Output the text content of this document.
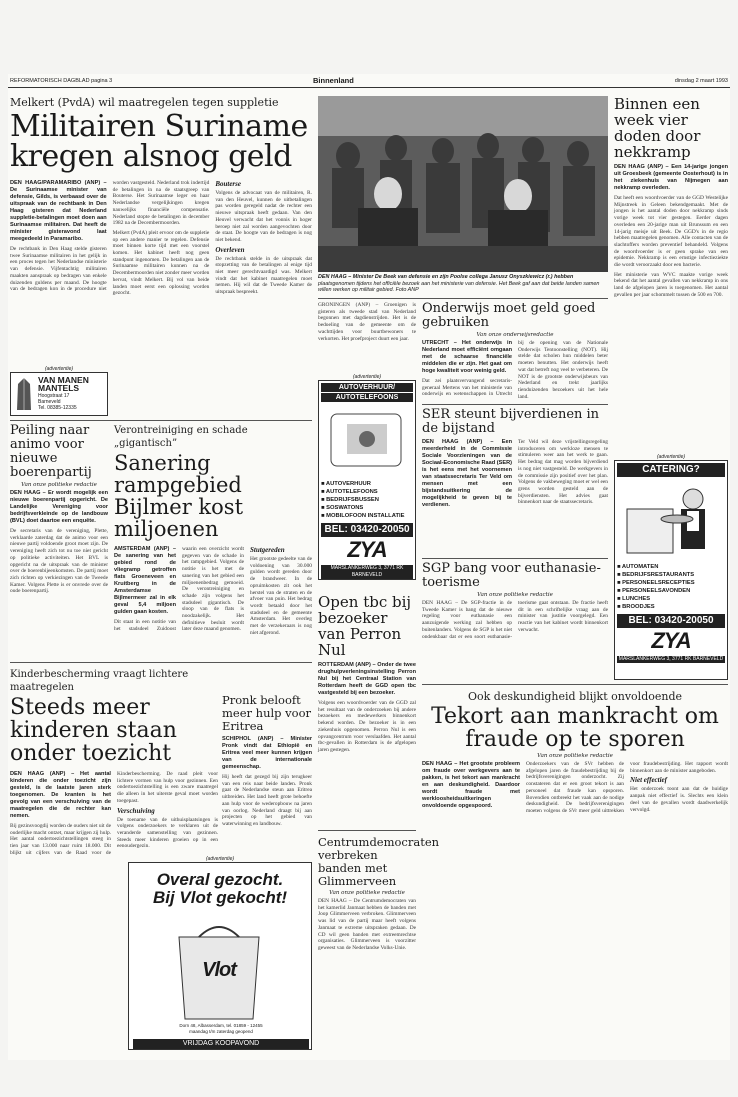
REFORMATORISCH DAGBLAD pagina 3	Binnenland	dinsdag 2 maart 1993
Melkert (PvdA) wil maatregelen tegen suppletie
Militairen Suriname kregen alsnog geld
DEN HAAG/PARAMARIBO (ANP) – De Surinaamse minister van defensie, Gilds, is verbaasd over de uitspraak van de rechtbank in Den Haag gisteren dat Nederland suppletie-betalingen moet doen aan Surinaamse militairen. Dat heeft de minister gisteravond laat meegedeeld in Paramaribo.
De rechtbank in Den Haag stelde gisteren twee Surinaamse militairen in het gelijk in een proces tegen het Nederlandse ministerie van defensie. Vijfentachtig militairen maakten aanspraak op bedragen van enkele duizenden guldens per maand. De hoogte van de bedragen kon in de procedure niet worden vastgesteld. Nederland trok indertijd de betalingen in na de staatsgreep van Bouterse. Het Surinaamse leger en haar Nederlandse vergelijkingen kregen nauwelijks financiële compensatie. Nederland stopte de betalingen in december 1982 na de Decembermoorden.
Melkert (PvdA) pleit ervoor om de suppletie op een andere manier te regelen. Defensie moet binnen korte tijd met een voorstel komen. Het kabinet heeft nog geen standpunt ingenomen. De betalingen aan de Surinaamse militairen kunnen na de Decembermoorden niet zonder meer worden hervat, vindt Melkert. Bij vol van beide landen moet eerst een oplossing worden gezocht.
Bouterse
Volgens de advocaat van de militairen, R. van den Heuvel, kunnen de uitbetalingen pas worden geregeld nadat de rechter een nieuwe uitspraak heeft gedaan. Van den Heuvel verwacht dat het vonnis in hoger beroep niet zal worden aangevochten door de staat. De hoogte van de bedragen is nog niet bekend.
Overleven
De rechtbank stelde in de uitspraak dat stopzetting van de betalingen al enige tijd niet meer gerechtvaardigd was. Melkert vindt dat het kabinet maatregelen moet nemen. Hij wil dat de Tweede Kamer de uitspraak bespreekt.
(advertentie)
VAN MANEN MANTELS
Hoogstraat 17
Barneveld
Tel. 08385-12335
Peiling naar animo voor nieuwe boerenpartij
Van onze politieke redactie
DEN HAAG – Er wordt mogelijk een nieuwe boerenpartij opgericht. De Landelijke Vereniging voor bedrijfsverkleinde op de landbouw (BVL) doet daartoe een enquête.
De secretaris van de vereniging, Plette, verklaarde zaterdag dat de animo voor een nieuwe partij voldoende groot moet zijn. De vereniging heeft zich tot nu toe niet gericht op politieke activiteiten. Het BVL is opgericht na de uitspraak van de minister over de boerenbijeenkomsten. De partij moet zich richten op verkiezingen van de Tweede Kamer. Volgens Plette is er onvrede over de oude boerenpartij.
Verontreiniging en schade „gigantisch”
Sanering rampgebied Bijlmer kost miljoenen
AMSTERDAM (ANP) – De sanering van het gebied rond de vliegramp getroffen flats Groeneveen en Kruitberg in de Amsterdamse Bijlmermeer zal in elk geval 5,4 miljoen gulden gaan kosten.
Dit staat in een notitie van het stadsdeel Zuidoost waarin een overzicht wordt gegeven van de schade in het rampgebied. Volgens de notitie is het met de sanering van het gebied een miljoenenbedrag gemoeid. De verontreiniging en schade zijn volgens het stadsdeel gigantisch. De sloop van de flats is noodzakelijk. Het definitieve besluit wordt later deze maand genomen.
Stutgereden
Het grootste gedeelte van de voldoening van 30.000 gulden wordt gereden door de brandweer. In de opruimkosten zit ook het herstel van de straten en de afvoer van puin. Het bedrag wordt betaald door het stadsdeel en de gemeente Amsterdam. Het overleg met de verzekeraars is nog niet afgerond.
DEN HAAG – Minister De Beek van defensie en zijn Poolse collega Janusz Onyszkiewicz (r.) hebben plaatsgenomen tijdens het officiële bezoek aan het ministerie van defensie. Het Beek gaf aan dat beide landen samen willen werken op militair gebied. Foto ANP
GRONINGEN (ANP) – Groenigen is gisteren als tweede stad van Nederland begonnen met dagdienstrijden. Het is de bedoeling van de gemeente om de wachttijden voor buurtbewoners te verkorten. Het proefproject duurt een jaar.
(advertentie)
AUTOVERHUUR/
AUTOTELEFOONS
■ AUTOVERHUUR
■ AUTOTELEFOONS
■ BEDRIJFSBUSSEN
■ SOSWATONS
■ MOBILOFOON INSTALLATIE
BEL: 03420-20050
ZYA
MARSLANKERWEG 3, 3771 RK BARNEVELD
Onderwijs moet geld goed gebruiken
Van onze onderwijsredactie
UTRECHT – Het onderwijs in Nederland moet efficiënt omgaan met de schaarse financiële middelen die er zijn. Het gaat om hoge kwaliteit voor weinig geld.
Dat zei plaatsvervangend secretaris-generaal Mertens van het ministerie van onderwijs en wetenschappen in Utrecht bij de opening van de Nationale Onderwijs Tentoonstelling (NOT). Hij stelde dat scholen hun middelen beter moeten benutten. Het onderwijs heeft wat dat betreft nog veel te verbeteren. De NOT is de grootste onderwijsbeurs van Nederland en trekt jaarlijks tienduizenden bezoekers uit het hele land.
SER steunt bijverdienen in de bijstand
DEN HAAG (ANP) – Een meerderheid in de Commissie Sociale Voorzieningen van de Sociaal-Economische Raad (SER) is het eens met het voornemen van staatssecretaris Ter Veld om mensen met een bijstandsuitkering de mogelijkheid te geven bij te verdienen.
Ter Veld wil deze vrijstellingsregeling introduceren om werkloze mensen te stimuleren weer aan het werk te gaan. Het bedrag dat mag worden bijverdiend is nog niet vastgesteld. De werkgevers in de commissie zijn positief over het plan. Volgens de vakbeweging moet er wel een grens worden gesteld aan de bijverdiensten. Het advies gaat binnenkort naar de staatssecretaris.
SGP bang voor euthanasie-toerisme
Van onze politieke redactie
DEN HAAG – De SGP-fractie in de Tweede Kamer is bang dat de nieuwe regeling voor euthanasie een aanzuigende werking zal hebben op buitenlanders. Volgens de SGP is het niet ondenkbaar dat er een soort euthanasie-toerisme gaat ontstaan. De fractie heeft dit in een schriftelijke vraag aan de minister van justitie voorgelegd. Een reactie van het kabinet wordt binnenkort verwacht.
Open tbc bij bezoeker van Perron Nul
ROTTERDAM (ANP) – Onder de twee drughulpverleningsinstelling Perron Nul bij het Centraal Station van Rotterdam heeft de GGD open tbc vastgesteld bij een bezoeker.
Volgens een woordvoerder van de GGD zal het resultaat van de onderzoeken bij andere bezoekers en medewerkers binnenkort bekend worden. De bezoeker is in een ziekenhuis opgenomen. Perron Nul is een opvangcentrum voor verslaafden. Het aantal tbc-gevallen in Rotterdam is de afgelopen jaren gestegen.
Centrumdemocraten verbreken banden met Glimmerveen
Van onze politieke redactie
DEN HAAG – De Centrumdemocraten van het kamerlid Janmaat hebben de banden met Joop Glimmerveen verbroken. Glimmerveen was lid van de partij maar heeft volgens Janmaat te extreme uitspraken gedaan. De CD wil geen banden met extreemrechtse organisaties. Glimmerveen is voorzitter geweest van de Nederlandse Volks-Unie.
Binnen een week vier doden door nekkramp
DEN HAAG (ANP) – Een 14-jarige jongen uit Groesbeek (gemeente Oosterhout) is in het ziekenhuis van Nijmegen aan nekkramp overleden.
Dat heeft een woordvoerder van de GGD Westelijke Mijnstreek in Geleen bekendgemaakt. Met de jongen is het aantal doden door nekkramp sinds vorige week tot vier gestegen. Eerder dagen overleden een 20-jarige man uit Brunssum en een 14-jarig meisje uit Beek. De GGD's in de regio hebben maatregelen genomen. Alle contacten van de slachtoffers worden preventief behandeld. Volgens de woordvoerder is er geen sprake van een epidemie. Nekkramp is een ernstige infectieziekte die wordt veroorzaakt door een bacterie.
Het ministerie van WVC maakte vorige week bekend dat het aantal gevallen van nekkramp in ons land de afgelopen jaren is toegenomen. Het aantal gevallen per jaar schommelt tussen de 500 en 700.
(advertentie)
CATERING?
■ AUTOMATEN
■ BEDRIJFSRESTAURANTS
■ PERSONEELSRECEPTIES
■ PERSONEELSAVONDEN
■ LUNCHES
■ BROODJES
BEL: 03420-20050
ZYA
MARSLANKERWEG 3, 3771 RK BARNEVELD
Kinderbescherming vraagt lichtere maatregelen
Steeds meer kinderen staan onder toezicht
DEN HAAG (ANP) – Het aantal kinderen die onder toezicht zijn gesteld, is de laatste jaren sterk toegenomen. De kranten is het gevolg van een verschuiving van de maatregelen die de rechter kan nemen.
Bij gezinsvoogdij worden de ouders niet uit de ouderlijke macht ontzet, maar krijgen zij hulp. Het aantal ondertoezichtstellingen steeg in tien jaar van 13.000 naar ruim 18.000. Dit blijkt uit cijfers van de Raad voor de Kinderbescherming. De raad pleit voor lichtere vormen van hulp voor gezinnen. Een ondertoezichtstelling is een zware maatregel die alleen in het uiterste geval moet worden toegepast.
Verschuiving
De toename van de uithuisplaatsingen is volgens onderzoekers te verklaren uit de veranderde samenstelling van gezinnen. Steeds meer kinderen groeien op in een eenoudergezin.
Pronk belooft meer hulp voor Eritrea
SCHIPHOL (ANP) – Minister Pronk vindt dat Ethiopië en Eritrea veel meer kunnen krijgen van de internationale gemeenschap.
Hij heeft dat gezegd bij zijn terugkeer van een reis naar beide landen. Pronk gaat de Nederlandse steun aan Eritrea uitbreiden. Het land heeft grote behoefte aan hulp voor de wederopbouw na jaren van oorlog. Nederland draagt bij aan projecten op het gebied van waterwinning en landbouw.
(advertentie)
Overal gezocht.
Bij Vlot gekocht!
Vlot
Dorn 48, Albasserdam, tel. 01859 - 12455
maandag t/m zaterdag geopend
VRIJDAG KOOPAVOND
Ook deskundigheid blijkt onvoldoende
Tekort aan mankracht om fraude op te sporen
Van onze politieke redactie
DEN HAAG – Het grootste probleem om fraude over werkgevers aan te pakken, is het tekort aan mankracht en aan deskundigheid. Daardoor wordt fraude met werkloosheidsuitkeringen onvoldoende opgespoord.
Onderzoekers van de SVr hebben de afgelopen jaren de fraudebestrijding bij de bedrijfsverenigingen onderzocht. Zij constateren dat er een groot tekort is aan personeel dat fraude kan opsporen. Bovendien ontbreekt het vaak aan de nodige deskundigheid. De bedrijfsverenigingen moeten volgens de SVr meer geld uittrekken voor fraudebestrijding. Het rapport wordt binnenkort aan de minister aangeboden.
Niet effectief
Het onderzoek toont aan dat de huidige aanpak niet effectief is. Slechts een klein deel van de gevallen wordt daadwerkelijk vervolgd.
